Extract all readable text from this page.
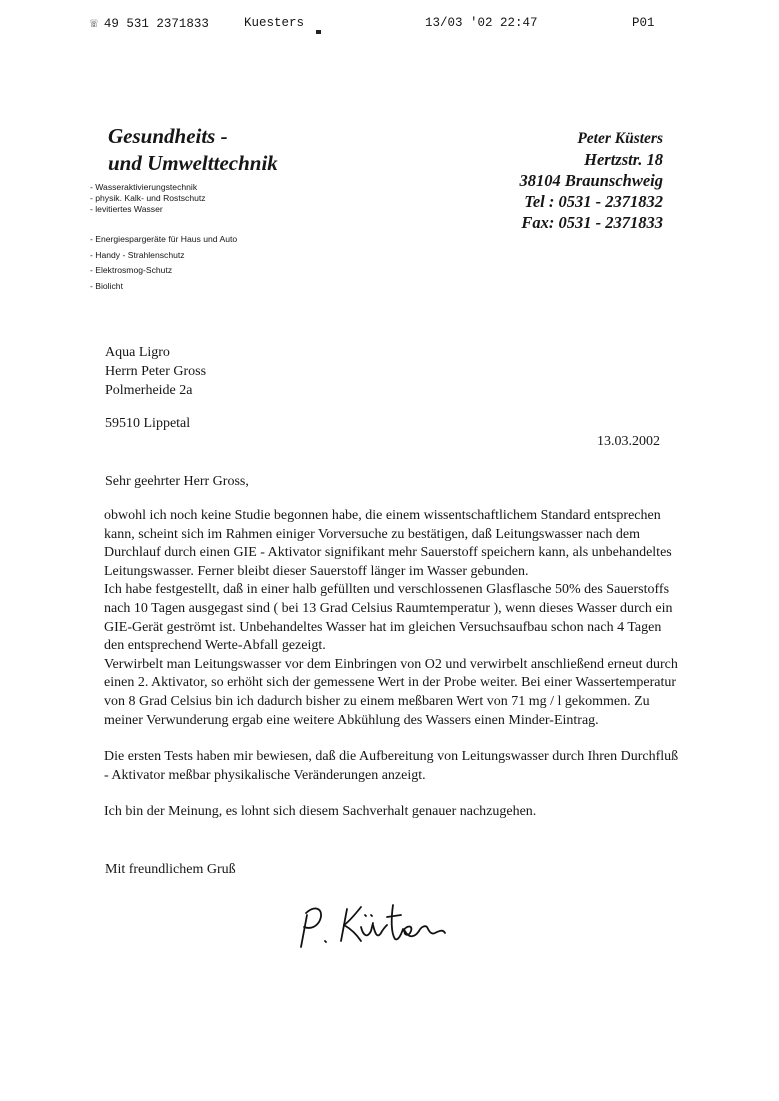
☏ 49 531 2371833	Kuesters	13/03 '02 22:47	P01
Gesundheits -
und Umwelttechnik
- Wasseraktivierungstechnik
- physik. Kalk- und Rostschutz
- levitiertes Wasser
- Energiespargeräte für Haus und Auto
- Handy - Strahlenschutz
- Elektrosmog-Schutz
- Biolicht
Peter Küsters
Hertzstr. 18
38104 Braunschweig
Tel : 0531 - 2371832
Fax: 0531 - 2371833
Aqua Ligro
Herrn Peter Gross
Polmerheide 2a
59510 Lippetal
13.03.2002
Sehr geehrter Herr Gross,

obwohl ich noch keine Studie begonnen habe, die einem wissentschaftlichem Standard entsprechen kann, scheint sich im Rahmen einiger Vorversuche zu bestätigen, daß Leitungswasser nach dem Durchlauf durch einen GIE - Aktivator signifikant mehr Sauerstoff speichern kann, als unbehandeltes Leitungswasser. Ferner bleibt dieser Sauerstoff länger im Wasser gebunden.

Ich habe festgestellt, daß in einer halb gefüllten und verschlossenen Glasflasche 50% des Sauerstoffs nach 10 Tagen ausgegast sind ( bei 13 Grad Celsius Raumtemperatur ), wenn dieses Wasser durch ein GIE-Gerät geströmt ist. Unbehandeltes Wasser hat im gleichen Versuchsaufbau schon nach 4 Tagen den entsprechend Werte-Abfall gezeigt.

Verwirbelt man Leitungswasser vor dem Einbringen von O2 und verwirbelt anschließend erneut durch einen 2. Aktivator, so erhöht sich der gemessene Wert in der Probe weiter. Bei einer Wassertemperatur von 8 Grad Celsius bin ich dadurch bisher zu einem meßbaren Wert von 71 mg / l gekommen. Zu meiner Verwunderung ergab eine weitere Abkühlung des Wassers einen Minder-Eintrag.

Die ersten Tests haben mir bewiesen, daß die Aufbereitung von Leitungswasser durch Ihren Durchfluß - Aktivator meßbar physikalische Veränderungen anzeigt.

Ich bin der Meinung, es lohnt sich diesem Sachverhalt genauer nachzugehen.

Mit freundlichem Gruß
